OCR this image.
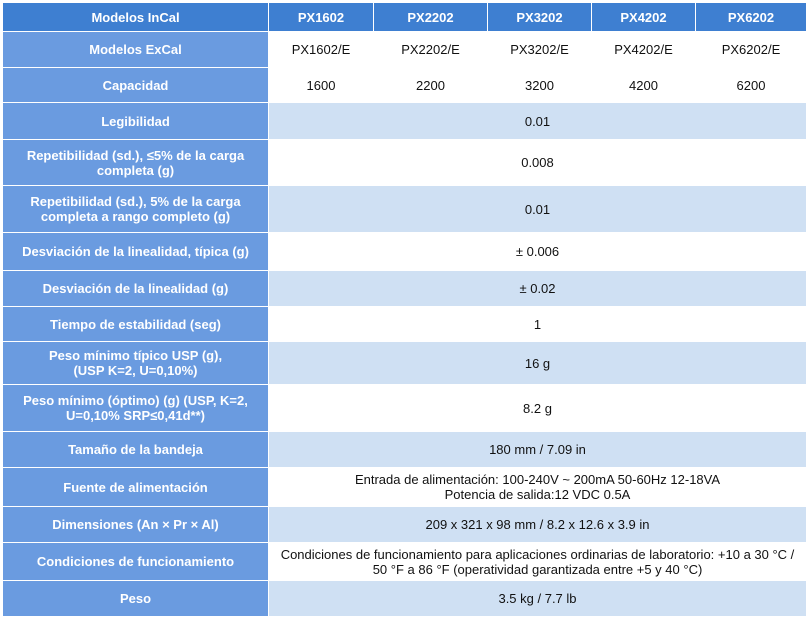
Modelos InCal	PX1602	PX2202	PX3202	PX4202	PX6202
Modelos ExCal	PX1602/E	PX2202/E	PX3202/E	PX4202/E	PX6202/E
Capacidad	1600	2200	3200	4200	6200
Legibilidad	0.01				
Repetibilidad (sd.), ≤5% de la carga completa (g)	0.008				
Repetibilidad (sd.), 5% de la carga completa a rango completo (g)	0.01				
Desviación de la linealidad, típica (g)	± 0.006				
Desviación de la linealidad (g)	± 0.02				
Tiempo de estabilidad (seg)	1				
Peso mínimo típico USP (g), (USP K=2, U=0,10%)	16 g				
Peso mínimo (óptimo) (g) (USP, K=2, U=0,10% SRP≤0,41d**)	8.2 g				
Tamaño de la bandeja	180 mm / 7.09 in				
Fuente de alimentación	Entrada de alimentación: 100-240V ~ 200mA 50-60Hz 12-18VA
Potencia de salida:12 VDC 0.5A				

Dimensiones (An × Pr × Al)	209 x 321 x 98 mm / 8.2 x 12.6 x 3.9 in				
Condiciones de funcionamiento	Condiciones de funcionamiento para aplicaciones ordinarias de laboratorio: +10 a 30 °C / 50 °F a 86 °F (operatividad garantizada entre +5 y 40 °C)				
Peso	3.5 kg / 7.7 lb				
